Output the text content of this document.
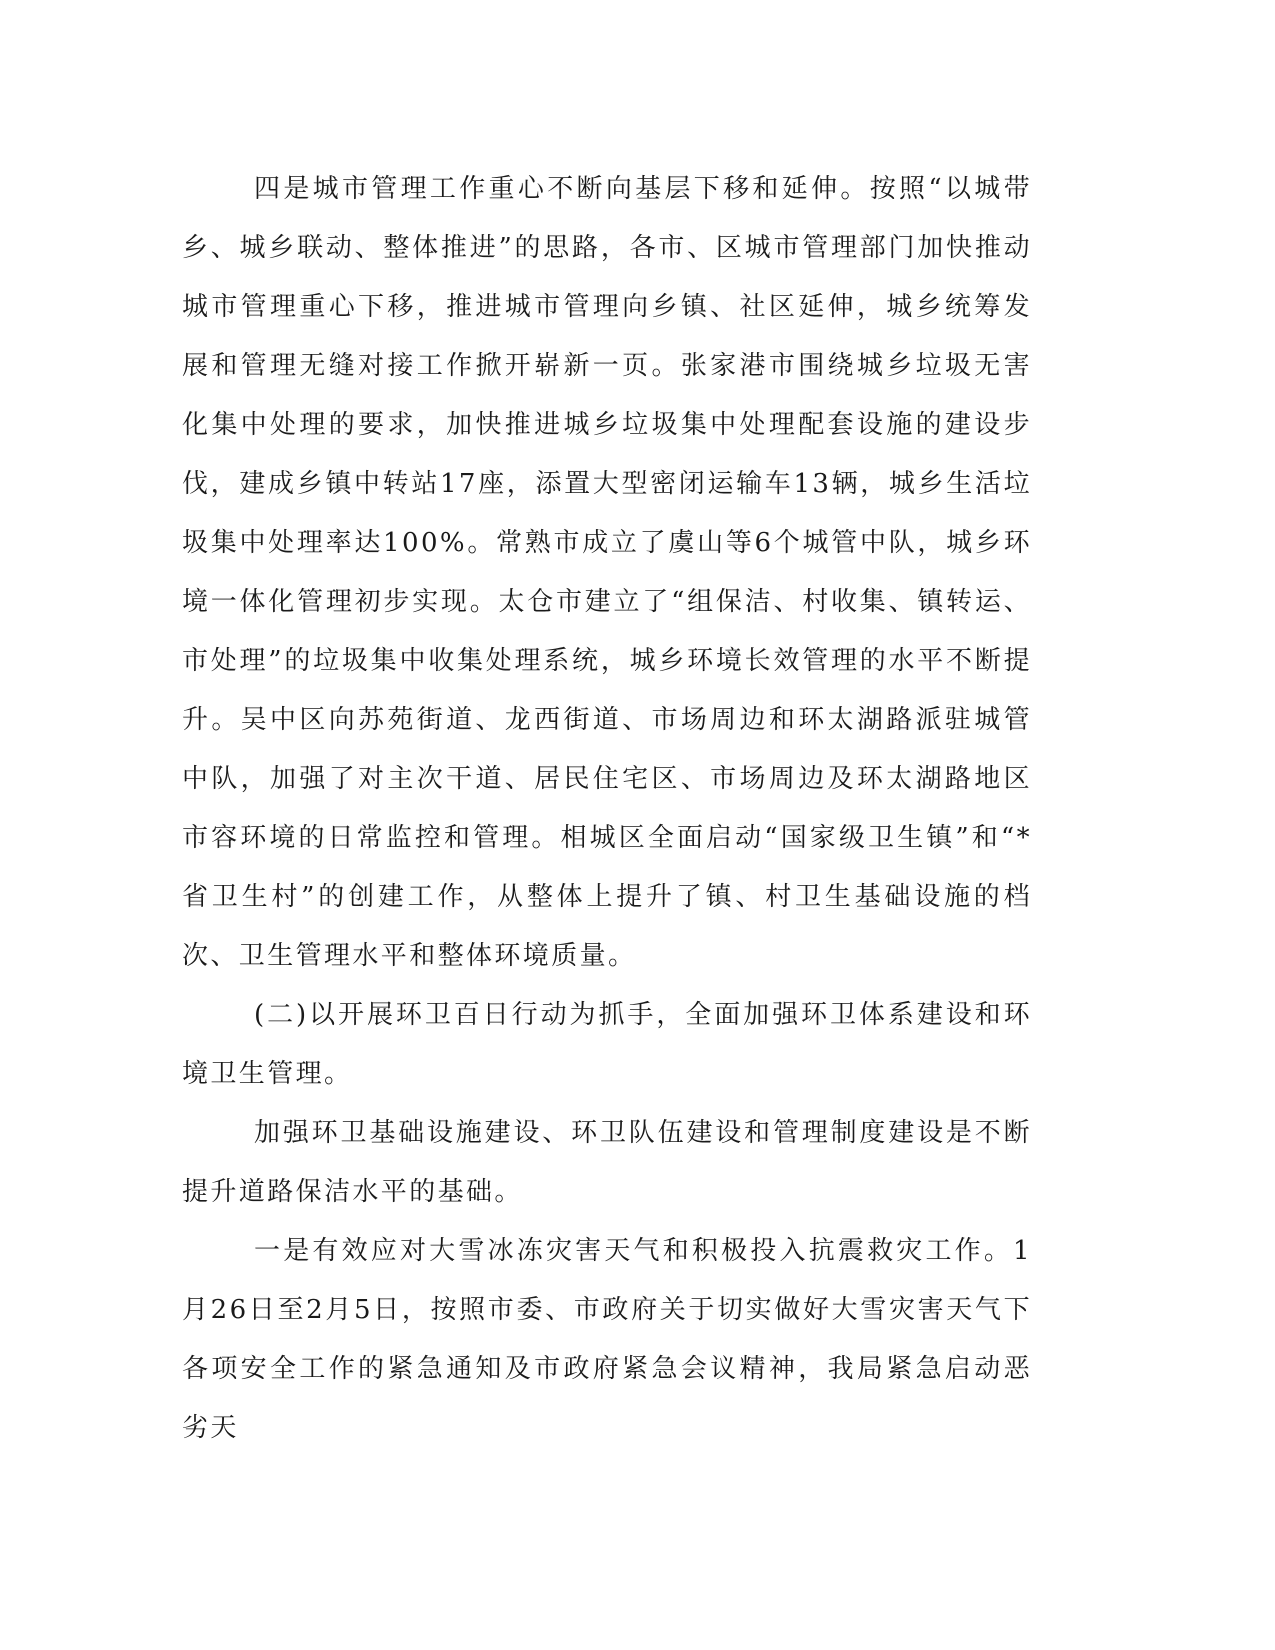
四是城市管理工作重心不断向基层下移和延伸。按照“以城带乡、城乡联动、整体推进”的思路，各市、区城市管理部门加快推动城市管理重心下移，推进城市管理向乡镇、社区延伸，城乡统筹发展和管理无缝对接工作掀开崭新一页。张家港市围绕城乡垃圾无害化集中处理的要求，加快推进城乡垃圾集中处理配套设施的建设步伐，建成乡镇中转站17座，添置大型密闭运输车13辆，城乡生活垃圾集中处理率达100%。常熟市成立了虞山等6个城管中队，城乡环境一体化管理初步实现。太仓市建立了“组保洁、村收集、镇转运、市处理”的垃圾集中收集处理系统，城乡环境长效管理的水平不断提升。吴中区向苏苑街道、龙西街道、市场周边和环太湖路派驻城管中队，加强了对主次干道、居民住宅区、市场周边及环太湖路地区市容环境的日常监控和管理。相城区全面启动“国家级卫生镇”和“*省卫生村”的创建工作，从整体上提升了镇、村卫生基础设施的档次、卫生管理水平和整体环境质量。

(二)以开展环卫百日行动为抓手，全面加强环卫体系建设和环境卫生管理。

加强环卫基础设施建设、环卫队伍建设和管理制度建设是不断提升道路保洁水平的基础。

一是有效应对大雪冰冻灾害天气和积极投入抗震救灾工作。1月26日至2月5日，按照市委、市政府关于切实做好大雪灾害天气下各项安全工作的紧急通知及市政府紧急会议精神，我局紧急启动恶劣天
